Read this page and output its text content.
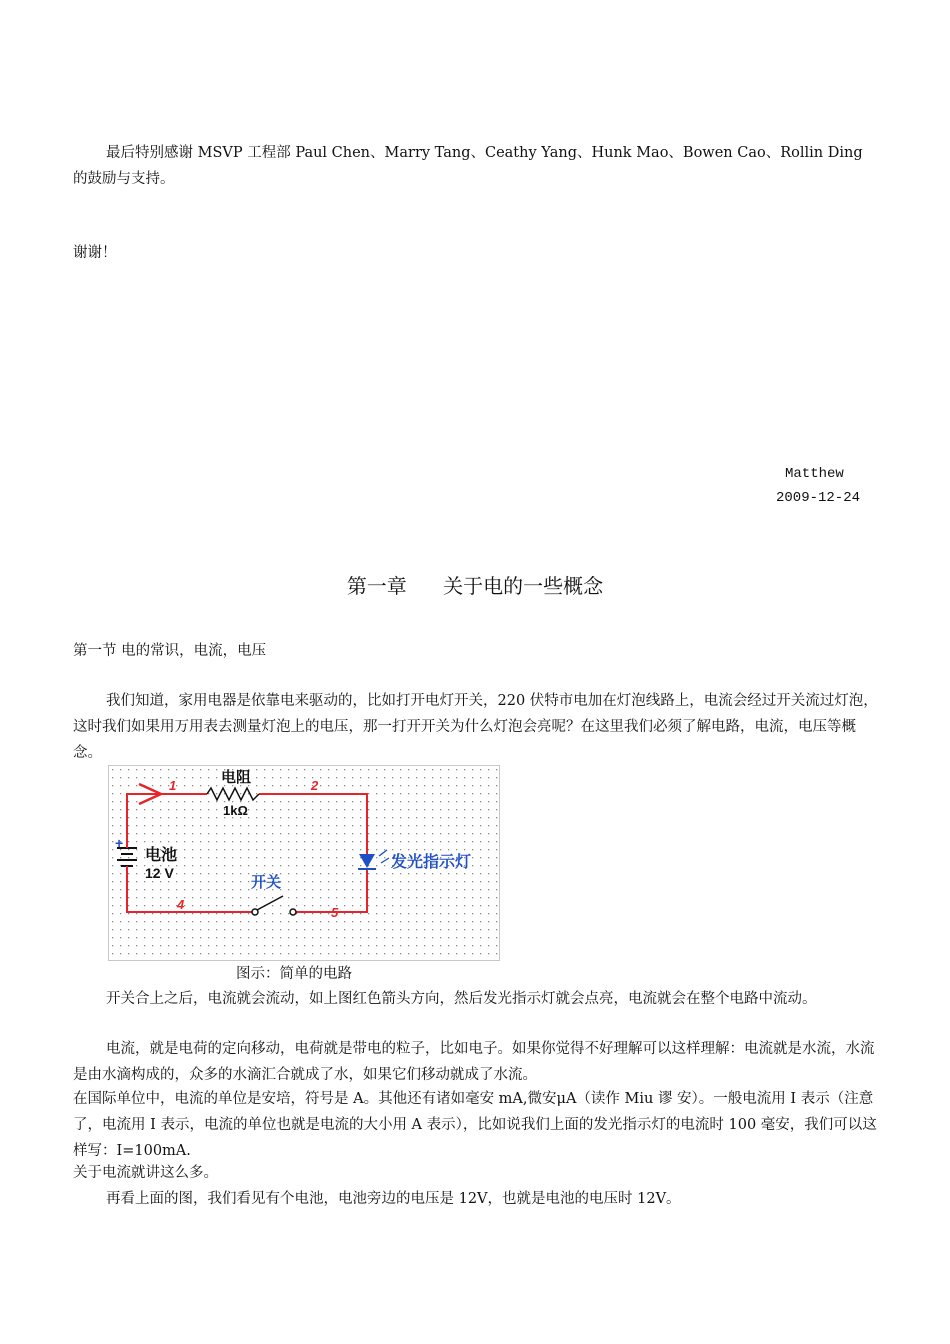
最后特别感谢 MSVP 工程部 Paul Chen、Marry Tang、Ceathy Yang、Hunk Mao、Bowen Cao、Rollin Ding 的鼓励与支持。

谢谢！

Matthew
2009-12-24
第一章 关于电的一些概念

第一节 电的常识，电流，电压

我们知道，家用电器是依靠电来驱动的，比如打开电灯开关，220 伏特市电加在灯泡线路上，电流会经过开关流过灯泡，这时我们如果用万用表去测量灯泡上的电压，那一打开开关为什么灯泡会亮呢？在这里我们必须了解电路，电流，电压等概念。

电阻
1kΩ
电池
12 V
+
发光指示灯
开关
1	2
4
5
图示：简单的电路

开关合上之后，电流就会流动，如上图红色箭头方向，然后发光指示灯就会点亮，电流就会在整个电路中流动。

电流，就是电荷的定向移动，电荷就是带电的粒子，比如电子。如果你觉得不好理解可以这样理解：电流就是水流，水流是由水滴构成的，众多的水滴汇合就成了水，如果它们移动就成了水流。

在国际单位中，电流的单位是安培，符号是 A。其他还有诸如毫安 mA,微安μA（读作 Miu 谬 安）。一般电流用 I 表示（注意了，电流用 I 表示，电流的单位也就是电流的大小用 A 表示），比如说我们上面的发光指示灯的电流时 100 毫安，我们可以这样写：I=100mA.

关于电流就讲这么多。

再看上面的图，我们看见有个电池，电池旁边的电压是 12V，也就是电池的电压时 12V。
